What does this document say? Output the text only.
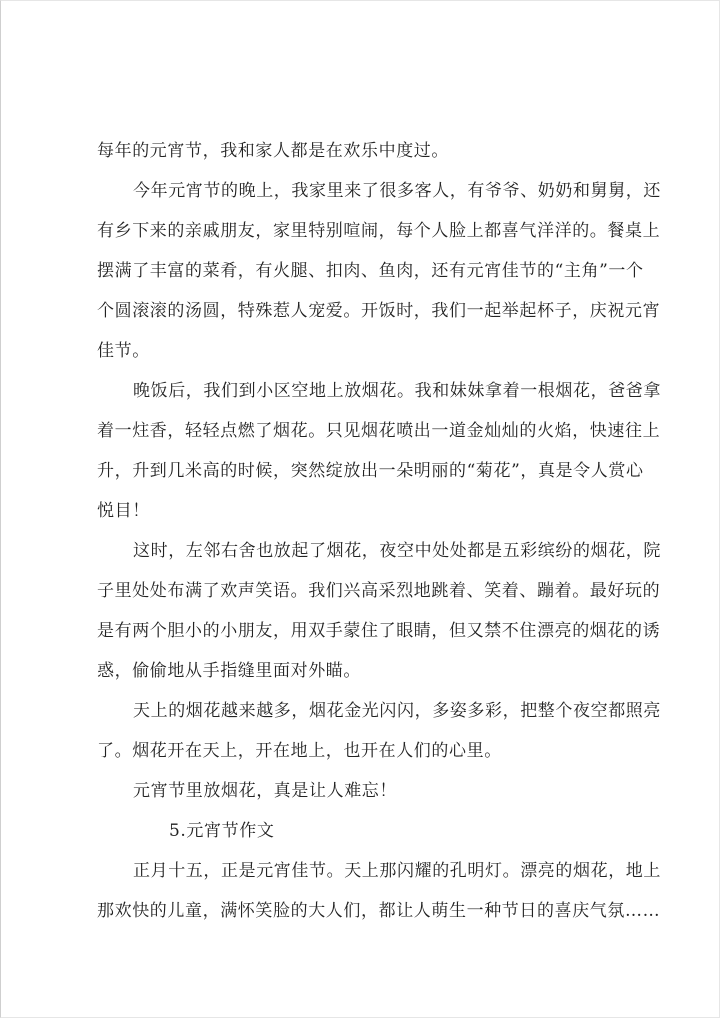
每年的元宵节，我和家人都是在欢乐中度过。
今年元宵节的晚上，我家里来了很多客人，有爷爷、奶奶和舅舅，还
有乡下来的亲戚朋友，家里特别喧闹，每个人脸上都喜气洋洋的。餐桌上
摆满了丰富的菜肴，有火腿、扣肉、鱼肉，还有元宵佳节的“主角”一个
个圆滚滚的汤圆，特殊惹人宠爱。开饭时，我们一起举起杯子，庆祝元宵
佳节。
晚饭后，我们到小区空地上放烟花。我和妹妹拿着一根烟花，爸爸拿
着一炷香，轻轻点燃了烟花。只见烟花喷出一道金灿灿的火焰，快速往上
升，升到几米高的时候，突然绽放出一朵明丽的“菊花”，真是令人赏心
悦目！
这时，左邻右舍也放起了烟花，夜空中处处都是五彩缤纷的烟花，院
子里处处布满了欢声笑语。我们兴高采烈地跳着、笑着、蹦着。最好玩的
是有两个胆小的小朋友，用双手蒙住了眼睛，但又禁不住漂亮的烟花的诱
惑，偷偷地从手指缝里面对外瞄。
天上的烟花越来越多，烟花金光闪闪，多姿多彩，把整个夜空都照亮
了。烟花开在天上，开在地上，也开在人们的心里。
元宵节里放烟花，真是让人难忘！
5.元宵节作文
正月十五，正是元宵佳节。天上那闪耀的孔明灯。漂亮的烟花，地上
那欢快的儿童，满怀笑脸的大人们，都让人萌生一种节日的喜庆气氛……
